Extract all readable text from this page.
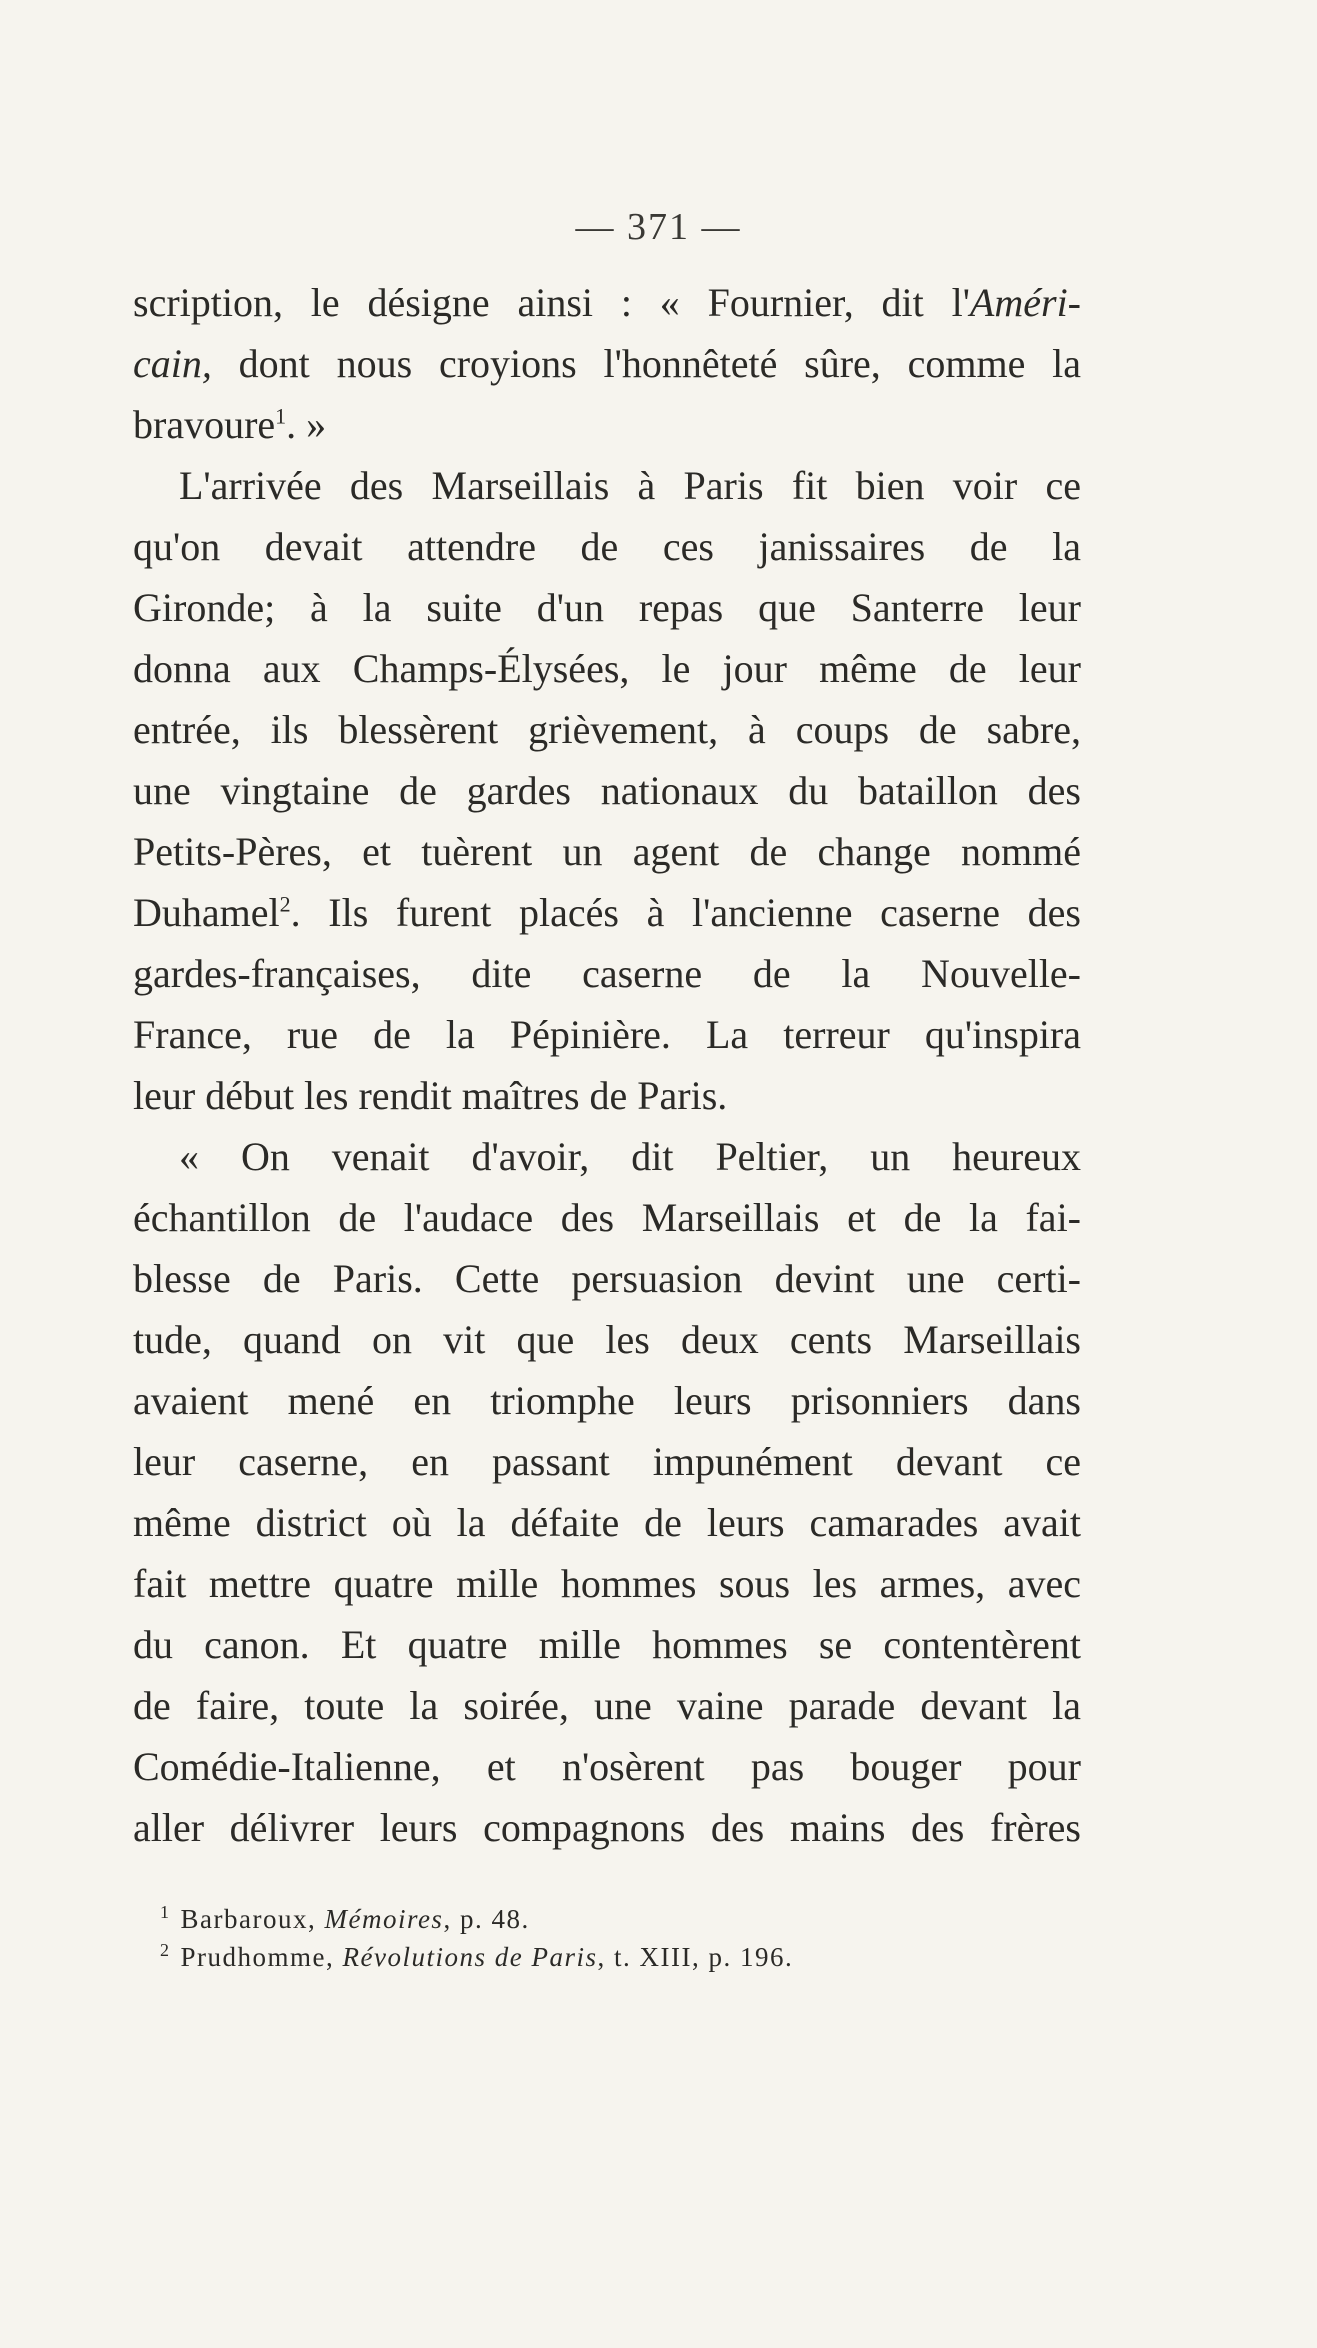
— 371 —
scription, le désigne ainsi : « Fournier, dit l'Améri-
cain, dont nous croyions l'honnêteté sûre, comme la
bravoure$^1$. »
L'arrivée des Marseillais à Paris fit bien voir ce
qu'on devait attendre de ces janissaires de la
Gironde; à la suite d'un repas que Santerre leur
donna aux Champs-Élysées, le jour même de leur
entrée, ils blessèrent grièvement, à coups de sabre,
une vingtaine de gardes nationaux du bataillon des
Petits-Pères, et tuèrent un agent de change nommé
Duhamel$^2$. Ils furent placés à l'ancienne caserne des
gardes-françaises, dite caserne de la Nouvelle-
France, rue de la Pépinière. La terreur qu'inspira
leur début les rendit maîtres de Paris.
« On venait d'avoir, dit Peltier, un heureux
échantillon de l'audace des Marseillais et de la fai-
blesse de Paris. Cette persuasion devint une certi-
tude, quand on vit que les deux cents Marseillais
avaient mené en triomphe leurs prisonniers dans
leur caserne, en passant impunément devant ce
même district où la défaite de leurs camarades avait
fait mettre quatre mille hommes sous les armes, avec
du canon. Et quatre mille hommes se contentèrent
de faire, toute la soirée, une vaine parade devant la
Comédie-Italienne, et n'osèrent pas bouger pour
aller délivrer leurs compagnons des mains des frères
$^1$ Barbaroux, Mémoires, p. 48.
$^2$ Prudhomme, Révolutions de Paris, t. XIII, p. 196.
